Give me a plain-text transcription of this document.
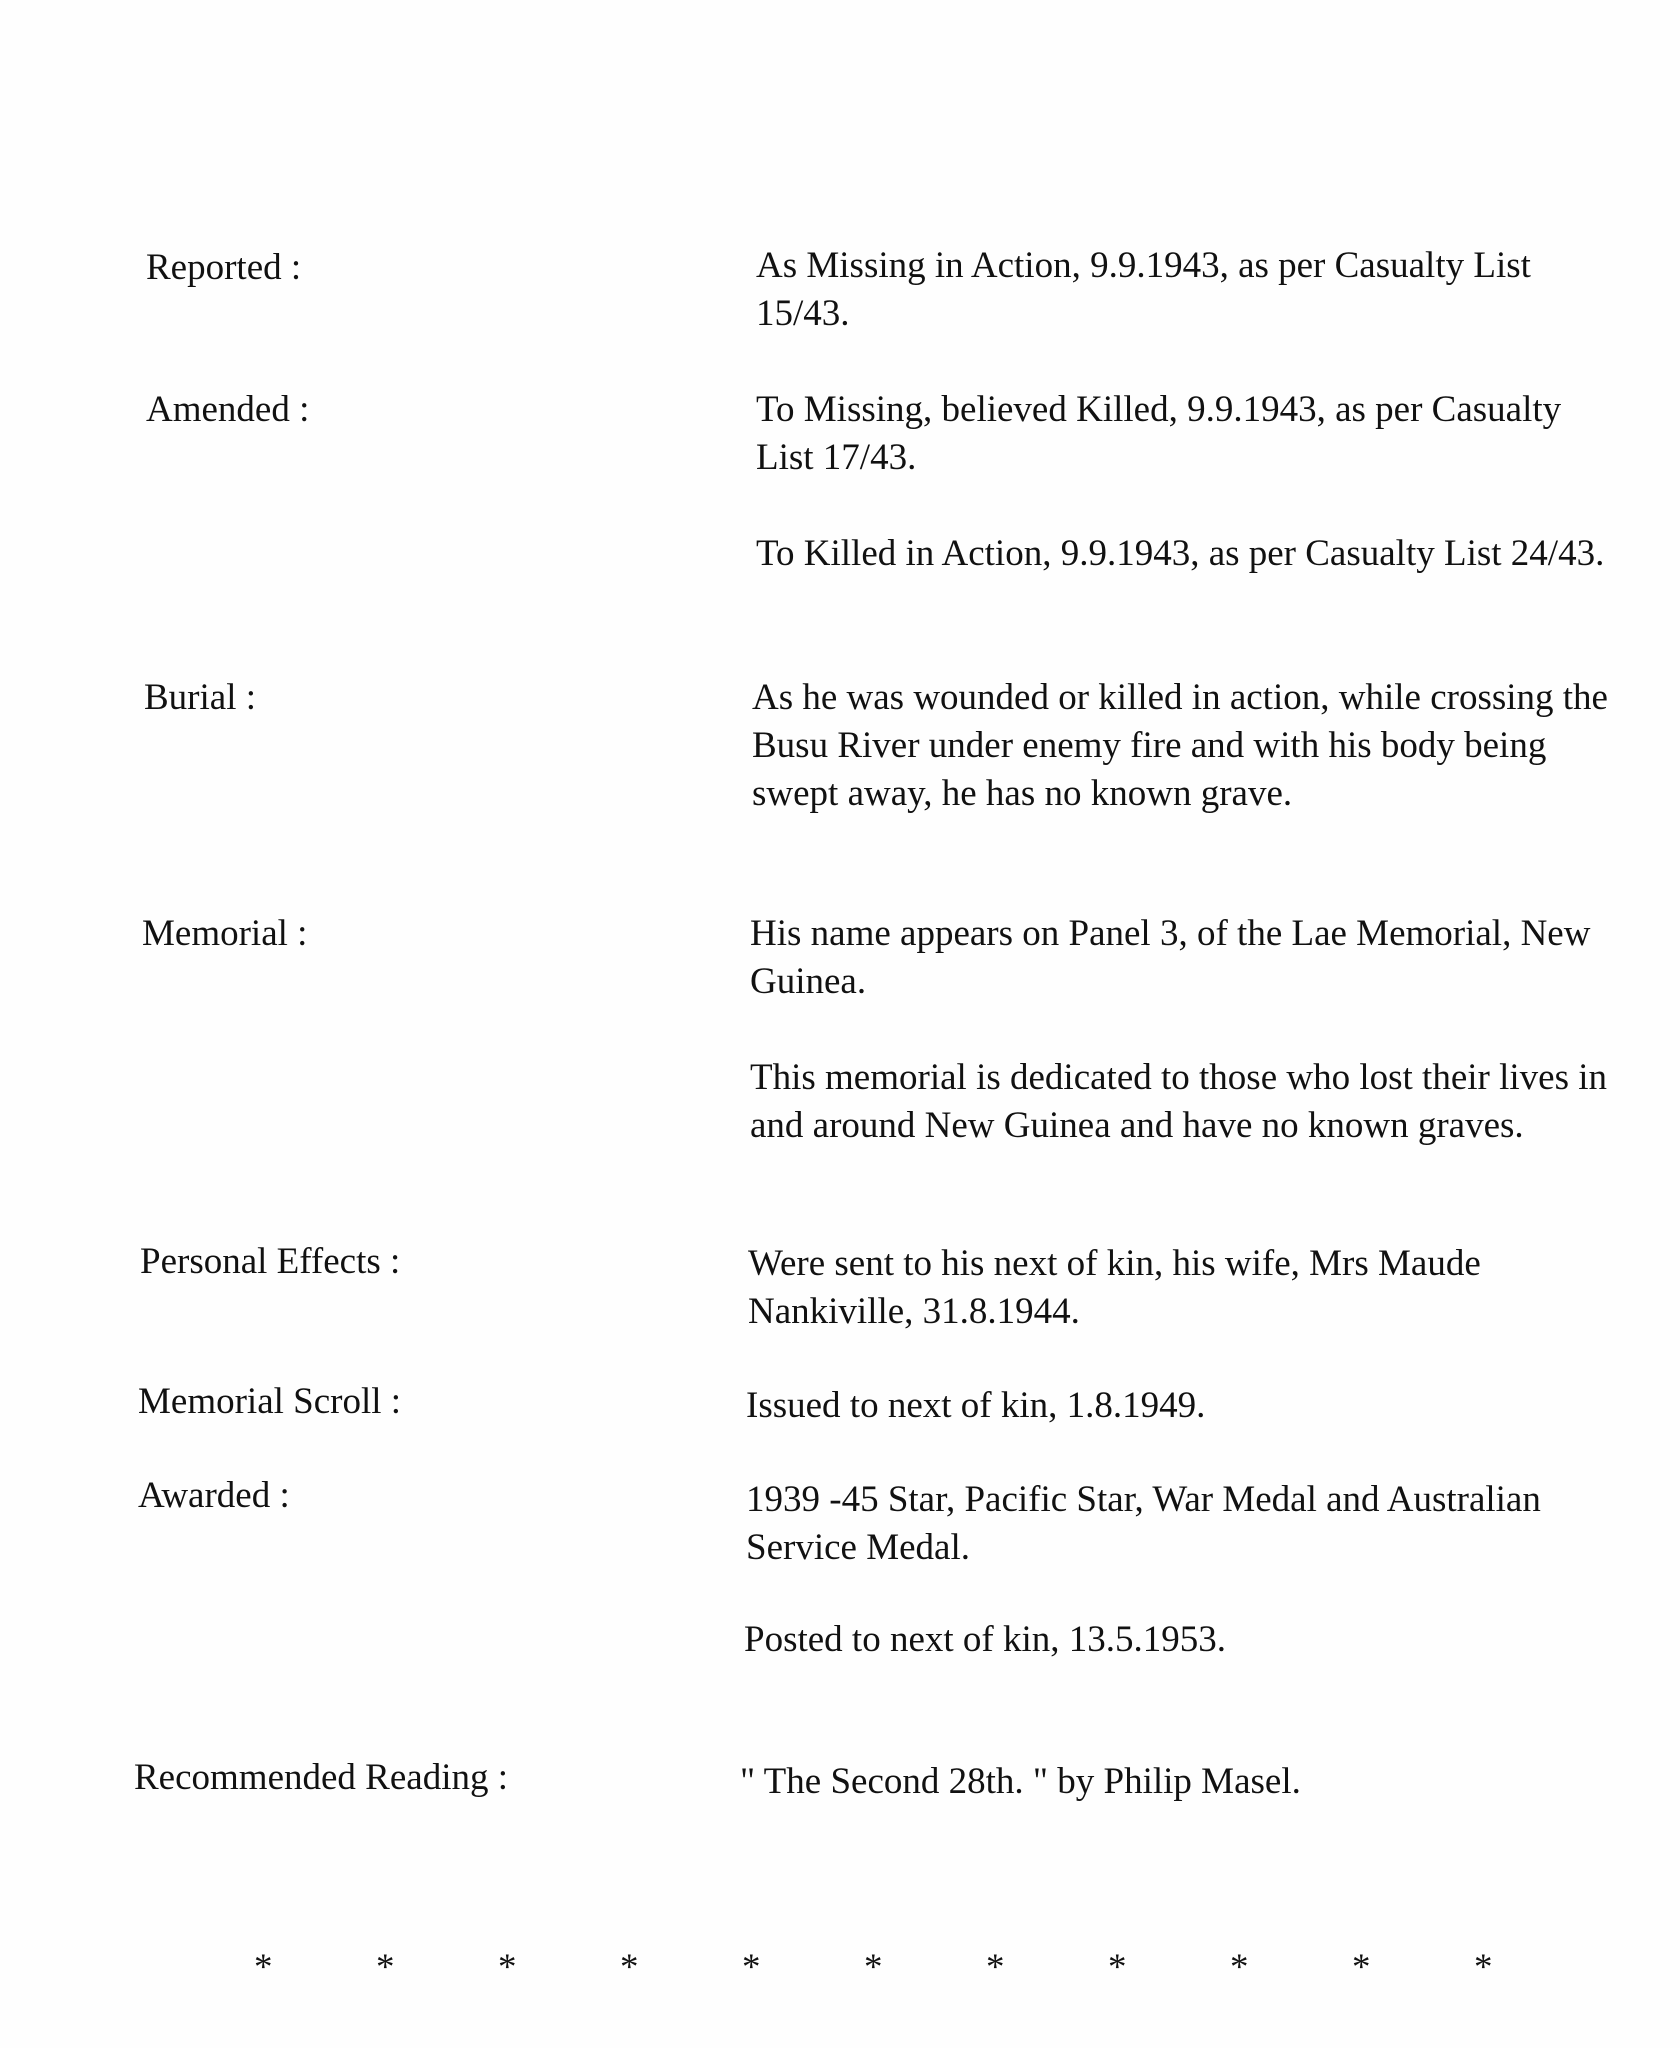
Reported :	As Missing in Action, 9.9.1943, as per Casualty List 15/43.
Amended :	To Missing, believed Killed, 9.9.1943, as per Casualty List 17/43.
To Killed in Action, 9.9.1943, as per Casualty List 24/43.
Burial :	As he was wounded or killed in action, while crossing the Busu River under enemy fire and with his body being swept away, he has no known grave.
Memorial :	His name appears on Panel 3, of the Lae Memorial, New Guinea.
This memorial is dedicated to those who lost their lives in and around New Guinea and have no known graves.
Personal Effects :	Were sent to his next of kin, his wife, Mrs Maude Nankiville, 31.8.1944.
Memorial Scroll :	Issued to next of kin, 1.8.1949.
Awarded :	1939 -45 Star, Pacific Star, War Medal and Australian Service Medal.
Posted to next of kin, 13.5.1953.
Recommended Reading :	" The Second 28th. " by Philip Masel.
*	*	*	*	*	*	*	*	*	*	*
